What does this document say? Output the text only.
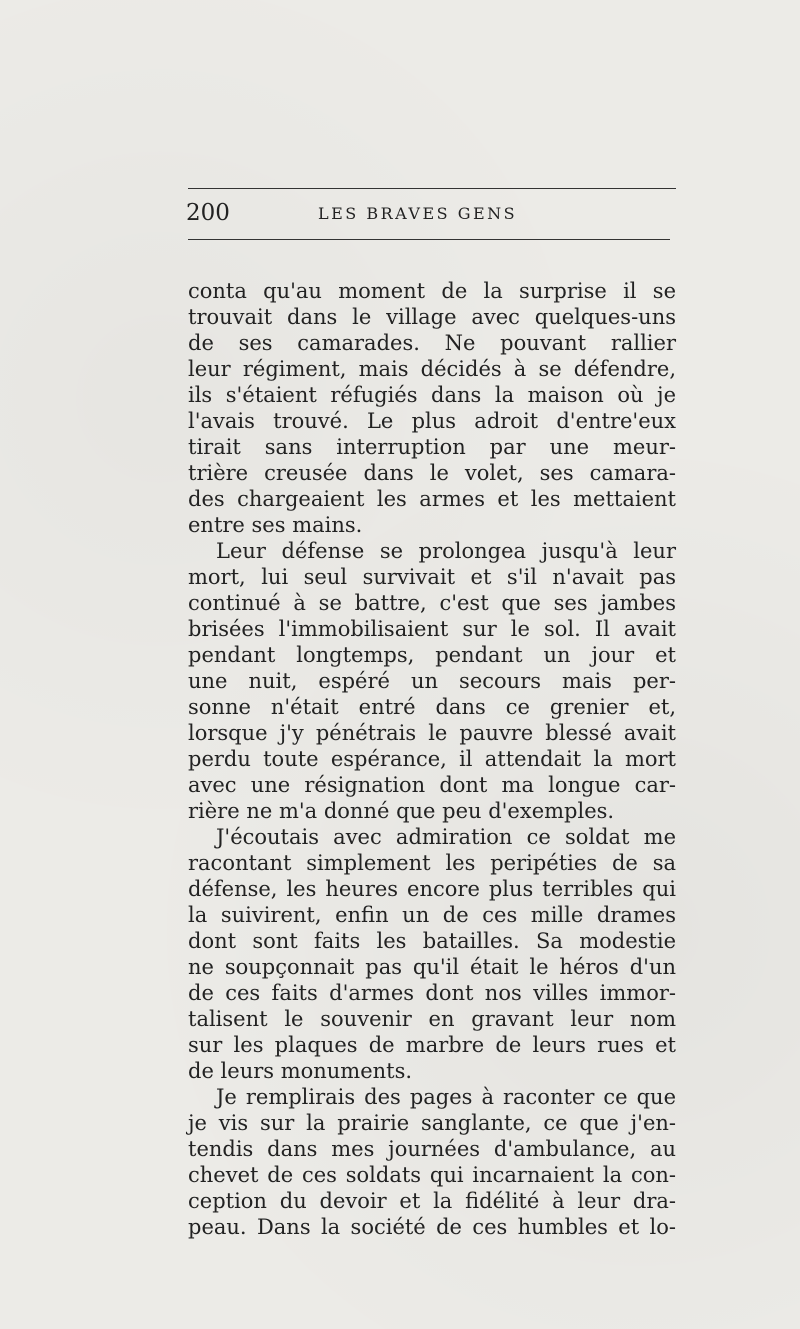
200	LES BRAVES GENS
conta qu'au moment de la surprise il se
trouvait dans le village avec quelques-uns
de ses camarades. Ne pouvant rallier
leur régiment, mais décidés à se défendre,
ils s'étaient réfugiés dans la maison où je
l'avais trouvé. Le plus adroit d'entre'eux
tirait sans interruption par une meur-
trière creusée dans le volet, ses camara-
des chargeaient les armes et les mettaient
entre ses mains.
Leur défense se prolongea jusqu'à leur
mort, lui seul survivait et s'il n'avait pas
continué à se battre, c'est que ses jambes
brisées l'immobilisaient sur le sol. Il avait
pendant longtemps, pendant un jour et
une nuit, espéré un secours mais per-
sonne n'était entré dans ce grenier et,
lorsque j'y pénétrais le pauvre blessé avait
perdu toute espérance, il attendait la mort
avec une résignation dont ma longue car-
rière ne m'a donné que peu d'exemples.
J'écoutais avec admiration ce soldat me
racontant simplement les peripéties de sa
défense, les heures encore plus terribles qui
la suivirent, enfin un de ces mille drames
dont sont faits les batailles. Sa modestie
ne soupçonnait pas qu'il était le héros d'un
de ces faits d'armes dont nos villes immor-
talisent le souvenir en gravant leur nom
sur les plaques de marbre de leurs rues et
de leurs monuments.
Je remplirais des pages à raconter ce que
je vis sur la prairie sanglante, ce que j'en-
tendis dans mes journées d'ambulance, au
chevet de ces soldats qui incarnaient la con-
ception du devoir et la fidélité à leur dra-
peau. Dans la société de ces humbles et lo-
